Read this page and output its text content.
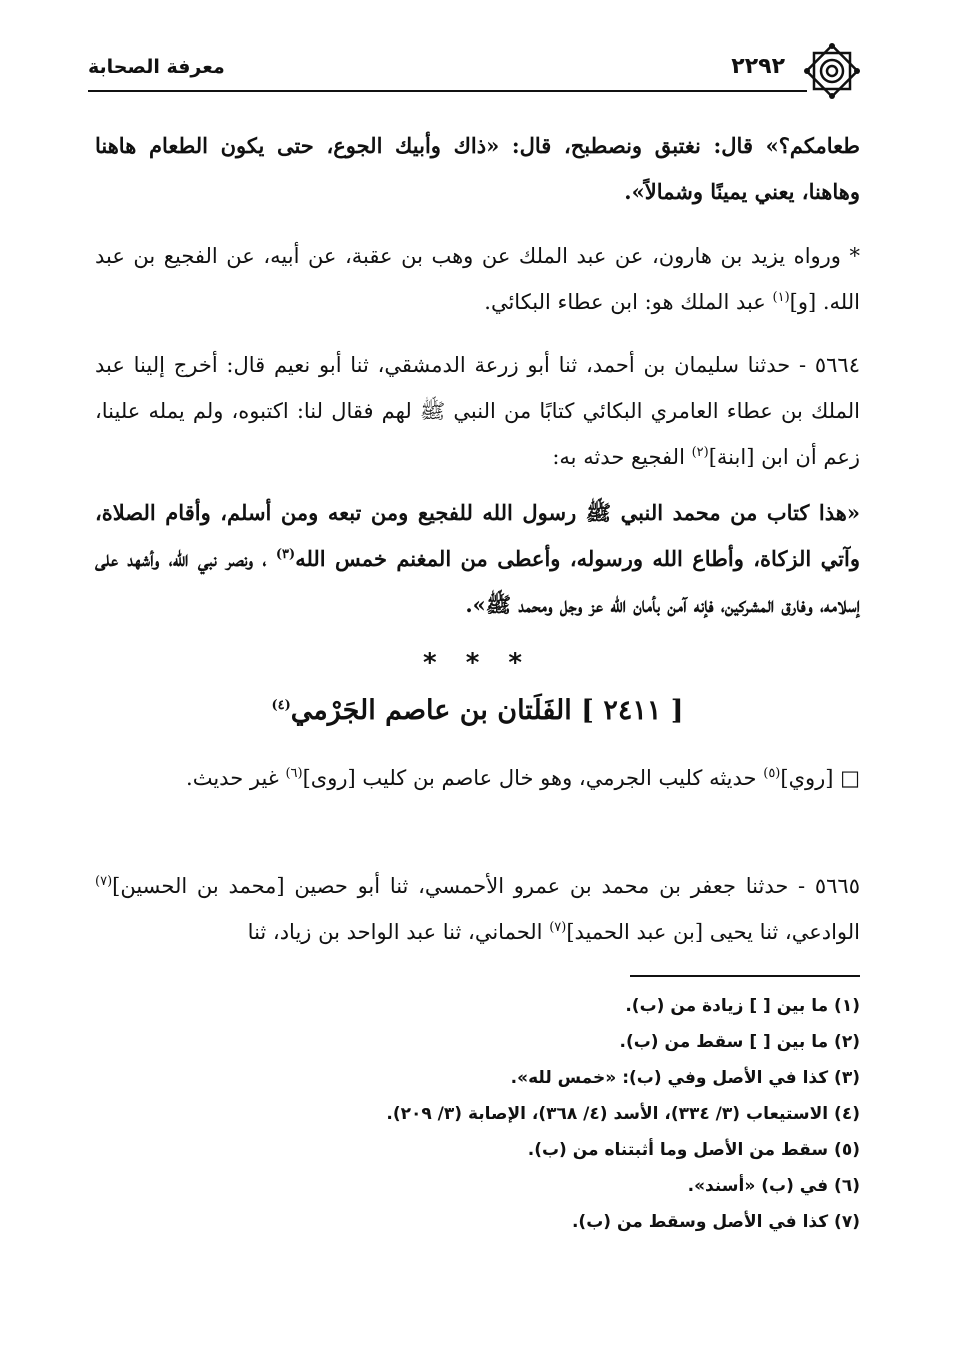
معرفة الصحابة	٢٢٩٢

طعامكم؟» قال: نغتبق ونصطبح، قال: «ذاك وأبيك الجوع، حتى يكون الطعام هاهنا وهاهنا، يعني يمينًا وشمالاً».

* ورواه يزيد بن هارون، عن عبد الملك عن وهب بن عقبة، عن أبيه، عن الفجيع بن عبد الله. [و]$^{(١)}$ عبد الملك هو: ابن عطاء البكائي.

٥٦٦٤ - حدثنا سليمان بن أحمد، ثنا أبو زرعة الدمشقي، ثنا أبو نعيم قال: أخرج إلينا عبد الملك بن عطاء العامري البكائي كتابًا من النبي ﷺ لهم فقال لنا: اكتبوه، ولم يمله علينا، زعم أن ابن [ابنة]$^{(٢)}$ الفجيع حدثه به:

«هذا كتاب من محمد النبي ﷺ رسول الله للفجيع ومن تبعه ومن أسلم، وأقام الصلاة، وآتي الزكاة، وأطاع الله ورسوله، وأعطى من المغنم خمس الله$^{(٣)}$ ، ونصر نبي الله، وأشهد على إسلامه، وفارق المشركين، فإنه آمن بأمان الله عز وجل ومحمد ﷺ».

* * *
[ ٢٤١١ ] الفَلَتان بن عاصم الجَرْمي$^{(٤)}$

□ [روي]$^{(٥)}$ حديثه كليب الجرمي، وهو خال عاصم بن كليب [روى]$^{(٦)}$ غير حديث.

٥٦٦٥ - حدثنا جعفر بن محمد بن عمرو الأحمسي، ثنا أبو حصين [محمد بن الحسين]$^{(٧)}$ الوادعي، ثنا يحيى [بن عبد الحميد]$^{(٧)}$ الحماني، ثنا عبد الواحد بن زياد، ثنا

(١) ما بين [ ] زيادة من (ب).
(٢) ما بين [ ] سقط من (ب).
(٣) كذا في الأصل وفي (ب): «خمس لله».
(٤) الاستيعاب (٣/ ٣٣٤)، الأسد (٤/ ٣٦٨)، الإصابة (٣/ ٢٠٩).
(٥) سقط من الأصل وما أثبتناه من (ب).
(٦) في (ب) «أسند».
(٧) كذا في الأصل وسقط من (ب).
